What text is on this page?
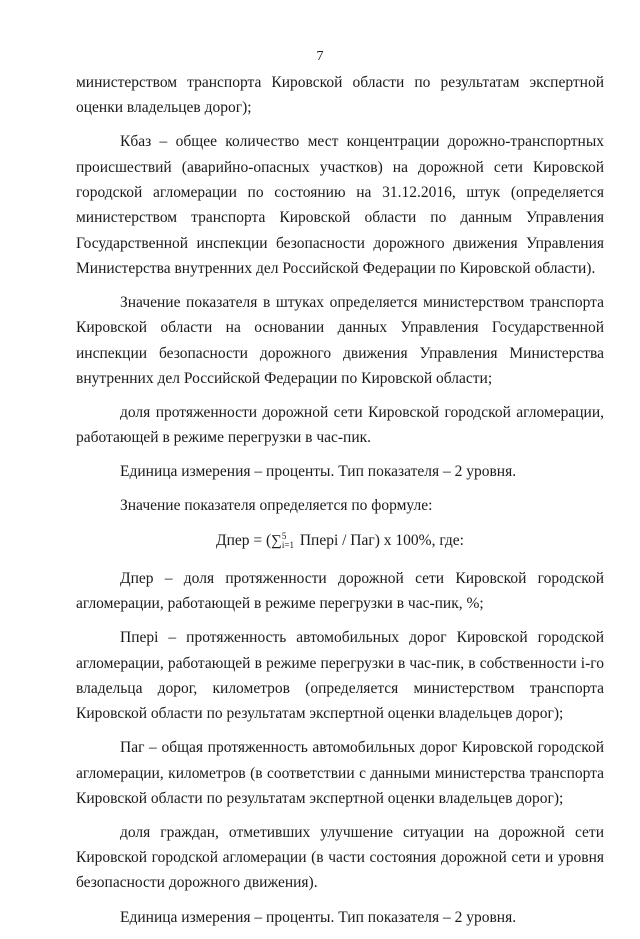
7

министерством транспорта Кировской области по результатам экспертной оценки владельцев дорог);

Кбаз – общее количество мест концентрации дорожно-транспортных происшествий (аварийно-опасных участков) на дорожной сети Кировской городской агломерации по состоянию на 31.12.2016, штук (определяется министерством транспорта Кировской области по данным Управления Государственной инспекции безопасности дорожного движения Управления Министерства внутренних дел Российской Федерации по Кировской области).

Значение показателя в штуках определяется министерством транспорта Кировской области на основании данных Управления Государственной инспекции безопасности дорожного движения Управления Министерства внутренних дел Российской Федерации по Кировской области;

доля протяженности дорожной сети Кировской городской агломерации, работающей в режиме перегрузки в час-пик.

Единица измерения – проценты. Тип показателя – 2 уровня.

Значение показателя определяется по формуле:

Дпер = (∑ 5
i=1 Пперi / Паг) х 100%, где:

Дпер – доля протяженности дорожной сети Кировской городской агломерации, работающей в режиме перегрузки в час-пик, %;

Пперi – протяженность автомобильных дорог Кировской городской агломерации, работающей в режиме перегрузки в час-пик, в собственности i-го владельца дорог, километров (определяется министерством транспорта Кировской области по результатам экспертной оценки владельцев дорог);

Паг – общая протяженность автомобильных дорог Кировской городской агломерации, километров (в соответствии с данными министерства транспорта Кировской области по результатам экспертной оценки владельцев дорог);

доля граждан, отметивших улучшение ситуации на дорожной сети Кировской городской агломерации (в части состояния дорожной сети и уровня безопасности дорожного движения).

Единица измерения – проценты. Тип показателя – 2 уровня.
